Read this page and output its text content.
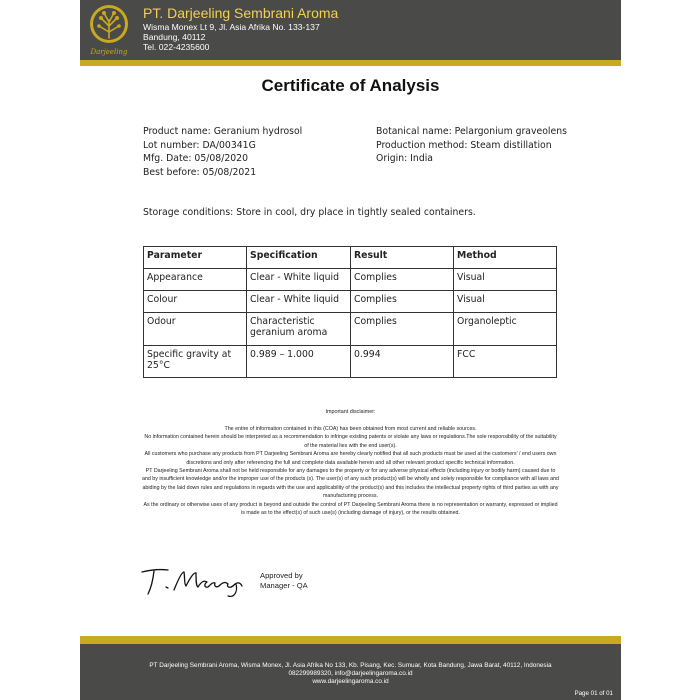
Darjeeling
PT. Darjeeling Sembrani Aroma
Wisma Monex Lt 9, Jl. Asia Afrika No. 133-137
Bandung, 40112
Tel. 022-4235600
Certificate of Analysis
Product name: Geranium hydrosol
Lot number: DA/00341G
Mfg. Date: 05/08/2020
Best before: 05/08/2021
Botanical name: Pelargonium graveolens
Production method: Steam distillation
Origin: India
Storage conditions: Store in cool, dry place in tightly sealed containers.
Parameter	Specification	Result	Method
Appearance	Clear - White liquid	Complies	Visual
Colour	Clear - White liquid	Complies	Visual
Odour	Characteristic geranium aroma	Complies	Organoleptic
Specific gravity at 25°C	0.989 – 1.000	0.994	FCC
Important disclaimer:

The entire of information contained in this (COA) has been obtained from most current and reliable sources.

No information contained herein should be interpreted as a recommendation to infringe existing patents or violate any laws or regulations.The sole responsibility of the suitability of the material lies with the end user(s).

All customers who purchase any products from PT Darjeeling Sembrani Aroma are hereby clearly notified that all such products must be used at the customers' / end users own discretions and only after referencing the full and complete data available herein and all other relevant product specific technical information.

PT Darjeeling Sembrani Aroma shall not be held responsible for any damages to the property or for any adverse physical effects (including injury or bodily harm) caused due to and by insufficient knowledge and/or the improper use of the products (s). The user(s) of any such product(s) will be wholly and solely responsible for compliance with all laws and abiding by the laid down rules and regulations in regards with the use and applicability of the product(s) and this includes the intellectual property rights of third parties as with any manufacturing process.

As the ordinary or otherwise uses of any product is beyond and outside the control of PT Darjeeling Sembrani Aroma there is no representation or warranty, expressed or implied is made as to the effect(s) of such use(s) (including damage of injury), or the results obtained.

Approved by
Manager - QA
PT Darjeeling Sembrani Aroma, Wisma Monex, Jl. Asia Afrika No 133, Kb. Pisang, Kec. Sumuar, Kota Bandung, Jawa Barat, 40112, Indonesia
082299989320, info@darjeelingaroma.co.id
www.darjeelingaroma.co.id
Page 01 of 01
